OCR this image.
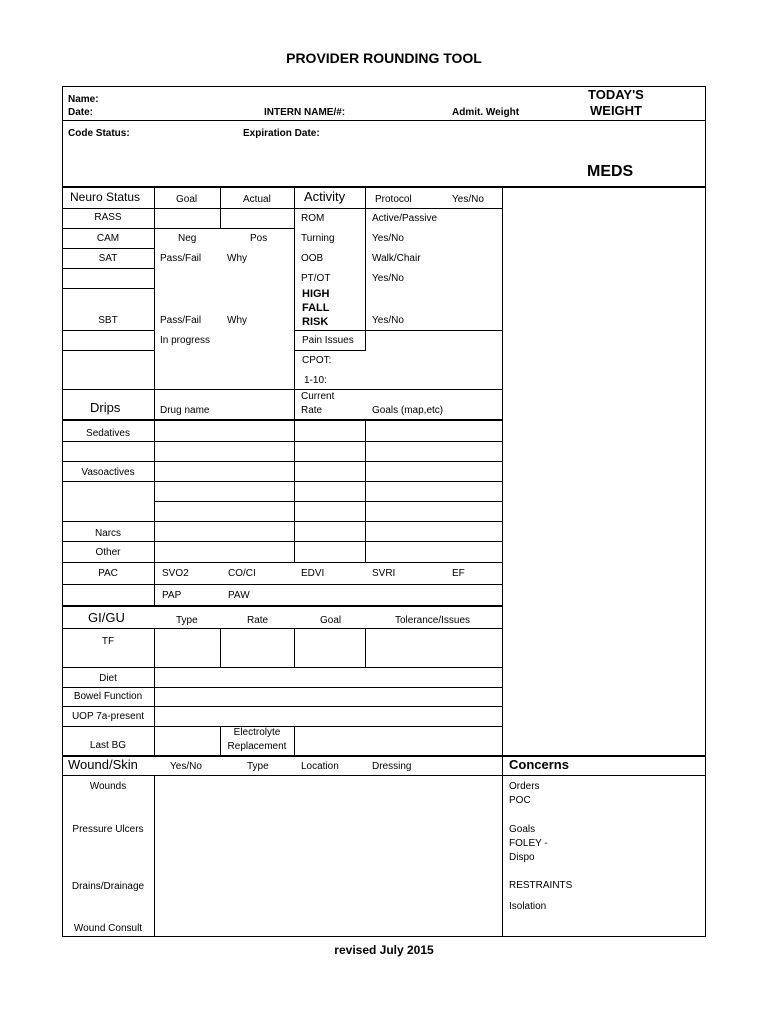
PROVIDER ROUNDING TOOL
Name:
Date:	INTERN NAME/#:	Admit. Weight
TODAY'S
WEIGHT
Code Status:	Expiration Date:
MEDS
Neuro Status	Goal	Actual
RASS
CAM	Neg	Pos
SAT	Pass/Fail	Why
SBT	Pass/Fail	Why
In progress
Activity	Protocol	Yes/No
ROM	Active/Passive
Turning	Yes/No
OOB	Walk/Chair
PT/OT	Yes/No
HIGH
FALL
RISK	Yes/No
Pain Issues
CPOT:
1-10:
Drips	Drug name
Current
Rate	Goals (map,etc)
Sedatives
Vasoactives
Narcs
Other
PAC	SVO2	CO/CI	EDVI	SVRI	EF
PAP	PAW
GI/GU	Type	Rate	Goal	Tolerance/Issues
TF
Diet
Bowel Function
UOP 7a-present
Last BG
Electrolyte
Replacement
Wound/Skin	Yes/No	Type	Location	Dressing
Wounds
Pressure Ulcers
Drains/Drainage
Wound Consult
Concerns
Orders
POC
Goals
FOLEY -
Dispo
RESTRAINTS
Isolation
revised July 2015
